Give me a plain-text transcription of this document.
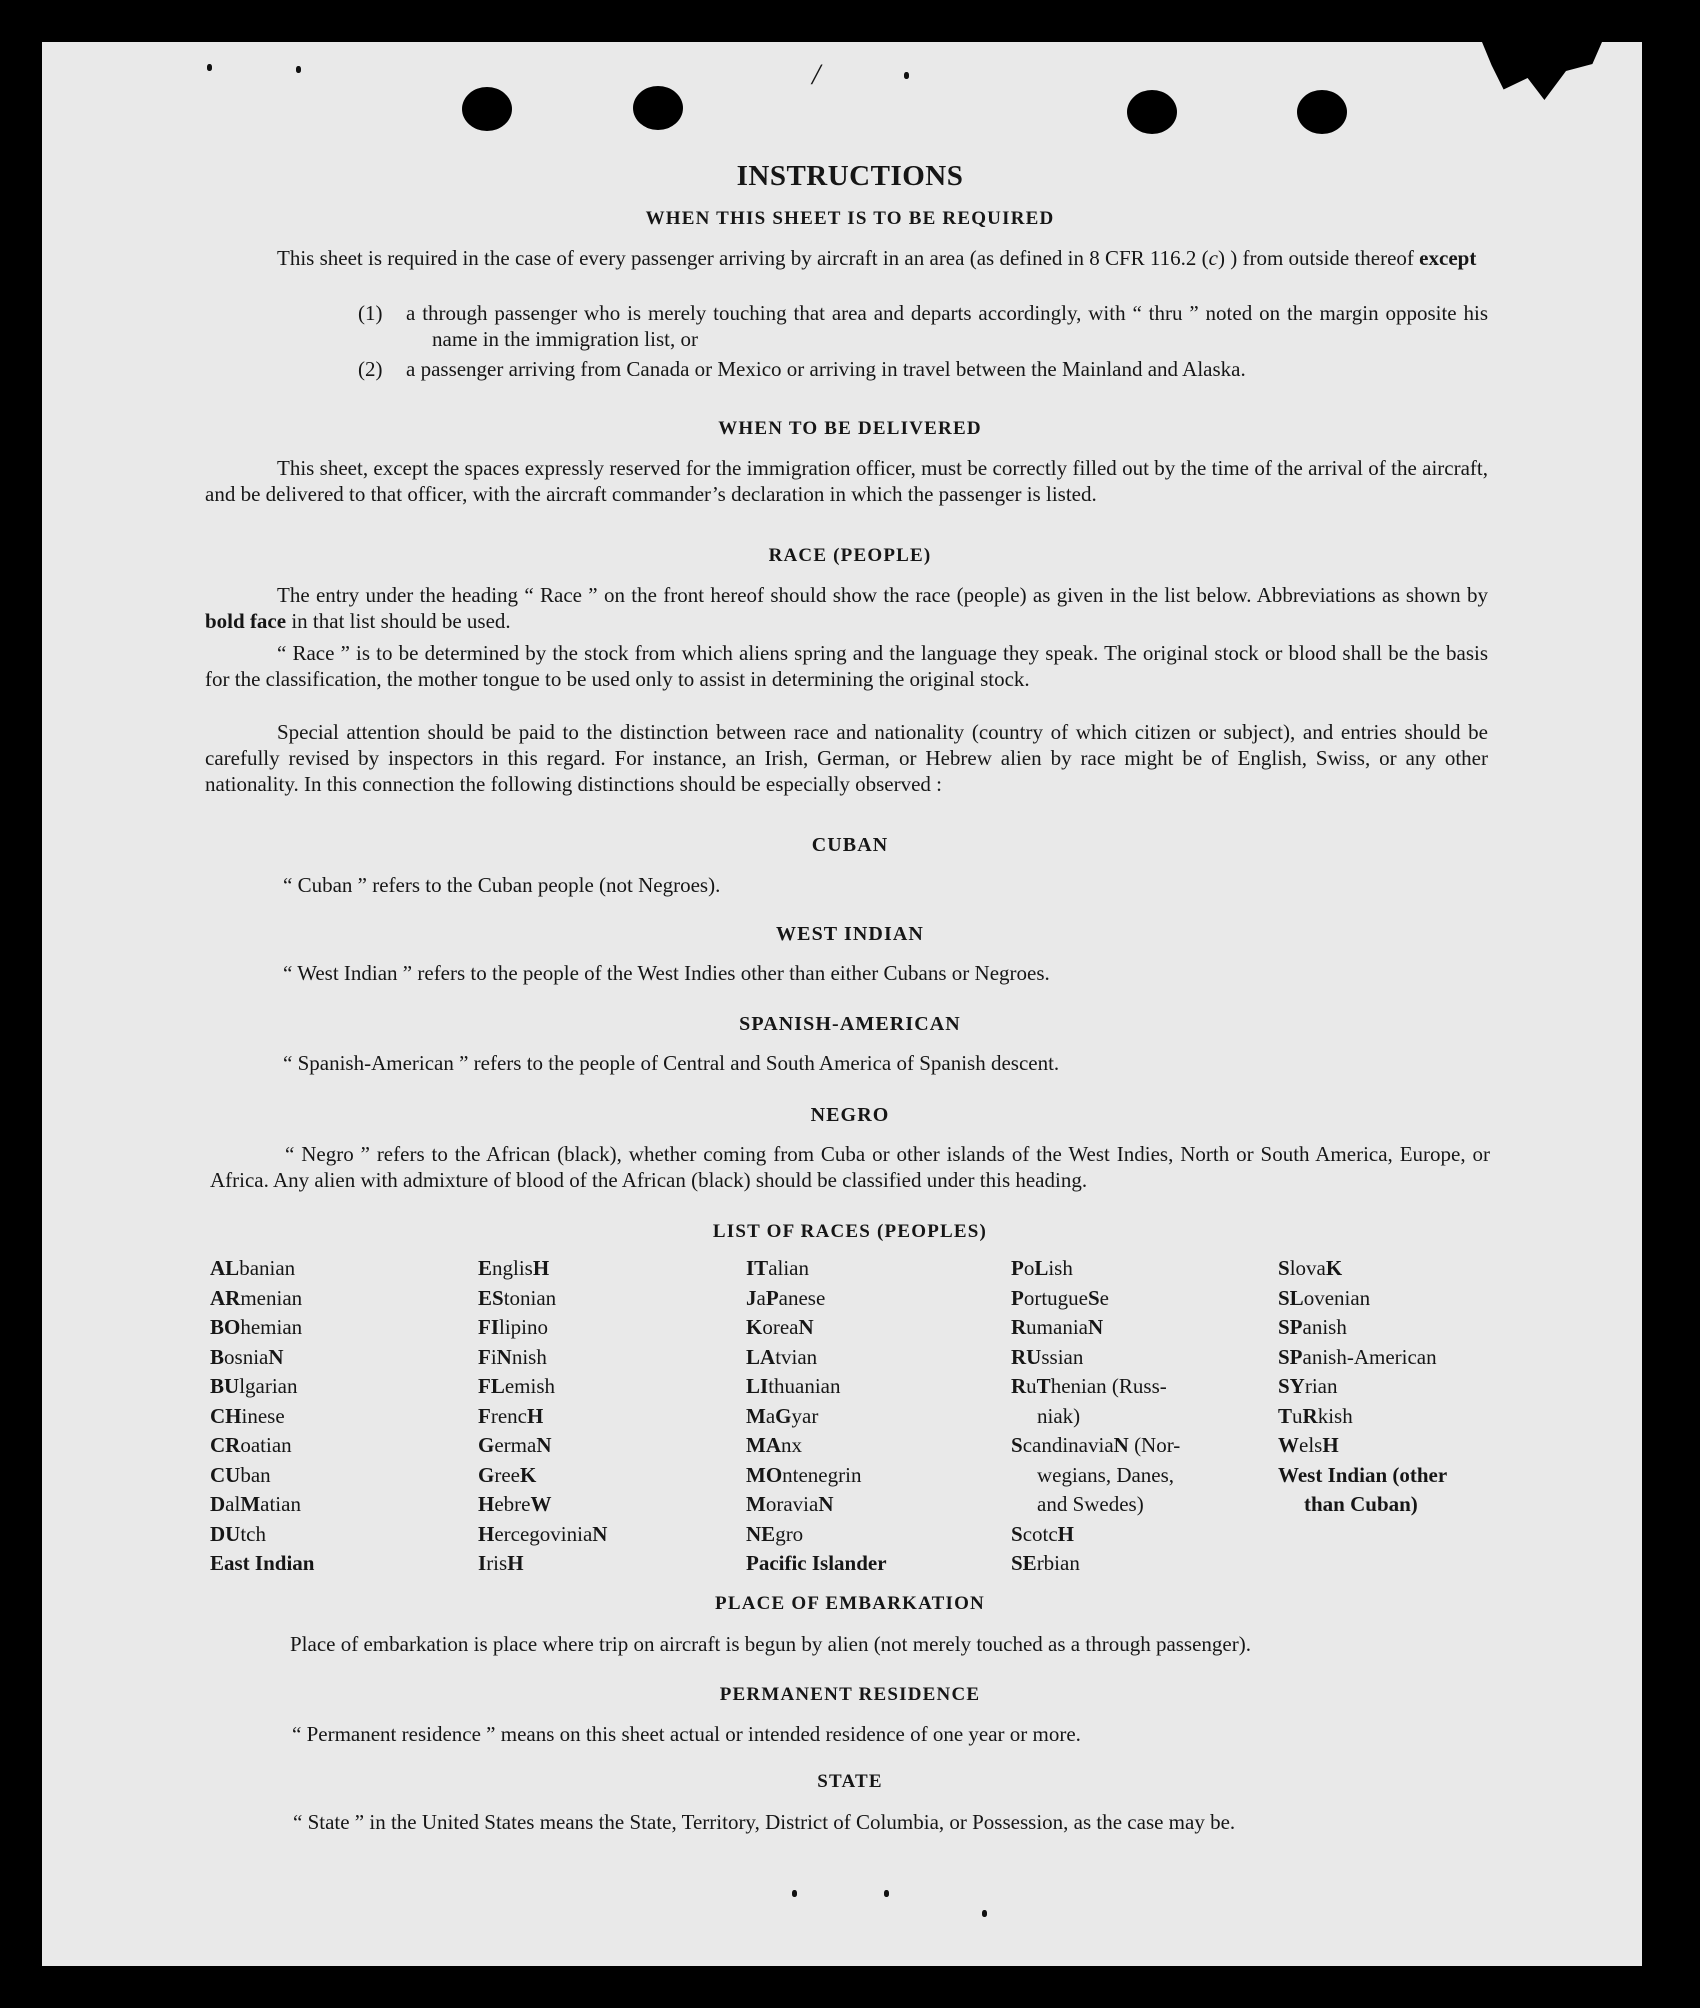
/
INSTRUCTIONS
WHEN THIS SHEET IS TO BE REQUIRED
This sheet is required in the case of every passenger arriving by aircraft in an area (as defined in 8 CFR 116.2 (c) ) from outside thereof except
(1) a through passenger who is merely touching that area and departs accordingly, with “ thru ” noted on the margin opposite his name in the immigration list, or
(2) a passenger arriving from Canada or Mexico or arriving in travel between the Mainland and Alaska.
WHEN TO BE DELIVERED
This sheet, except the spaces expressly reserved for the immigration officer, must be correctly filled out by the time of the arrival of the aircraft, and be delivered to that officer, with the aircraft commander’s declaration in which the passenger is listed.
RACE (PEOPLE)
The entry under the heading “ Race ” on the front hereof should show the race (people) as given in the list below. Abbreviations as shown by bold face in that list should be used.
“ Race ” is to be determined by the stock from which aliens spring and the language they speak. The original stock or blood shall be the basis for the classification, the mother tongue to be used only to assist in determining the original stock.
Special attention should be paid to the distinction between race and nationality (country of which citizen or subject), and entries should be carefully revised by inspectors in this regard. For instance, an Irish, German, or Hebrew alien by race might be of English, Swiss, or any other nationality. In this connection the following distinctions should be especially observed :
CUBAN
“ Cuban ” refers to the Cuban people (not Negroes).
WEST INDIAN
“ West Indian ” refers to the people of the West Indies other than either Cubans or Negroes.
SPANISH-AMERICAN
“ Spanish-American ” refers to the people of Central and South America of Spanish descent.
NEGRO
“ Negro ” refers to the African (black), whether coming from Cuba or other islands of the West Indies, North or South America, Europe, or Africa. Any alien with admixture of blood of the African (black) should be classified under this heading.
LIST OF RACES (PEOPLES)
ALbanian
ARmenian
BOhemian
BosniaN
BUlgarian
CHinese
CRoatian
CUban
DalMatian
DUtch
East Indian
EnglisH
EStonian
FIlipino
FiNnish
FLemish
FrencH
GermaN
GreeK
HebreW
HercegoviniaN
IrisH
ITalian
JaPanese
KoreaN
LAtvian
LIthuanian
MaGyar
MAnx
MOntenegrin
MoraviaN
NEgro
Pacific Islander
PoLish
PortugueSe
RumaniaN
RUssian
RuThenian (Russ-
niak)
ScandinaviaN (Nor-
wegians, Danes,
and Swedes)
ScotcH
SErbian
SlovaK
SLovenian
SPanish
SPanish-American
SYrian
TuRkish
WelsH
West Indian (other
than Cuban)
PLACE OF EMBARKATION
Place of embarkation is place where trip on aircraft is begun by alien (not merely touched as a through passenger).
PERMANENT RESIDENCE
“ Permanent residence ” means on this sheet actual or intended residence of one year or more.
STATE
“ State ” in the United States means the State, Territory, District of Columbia, or Possession, as the case may be.
